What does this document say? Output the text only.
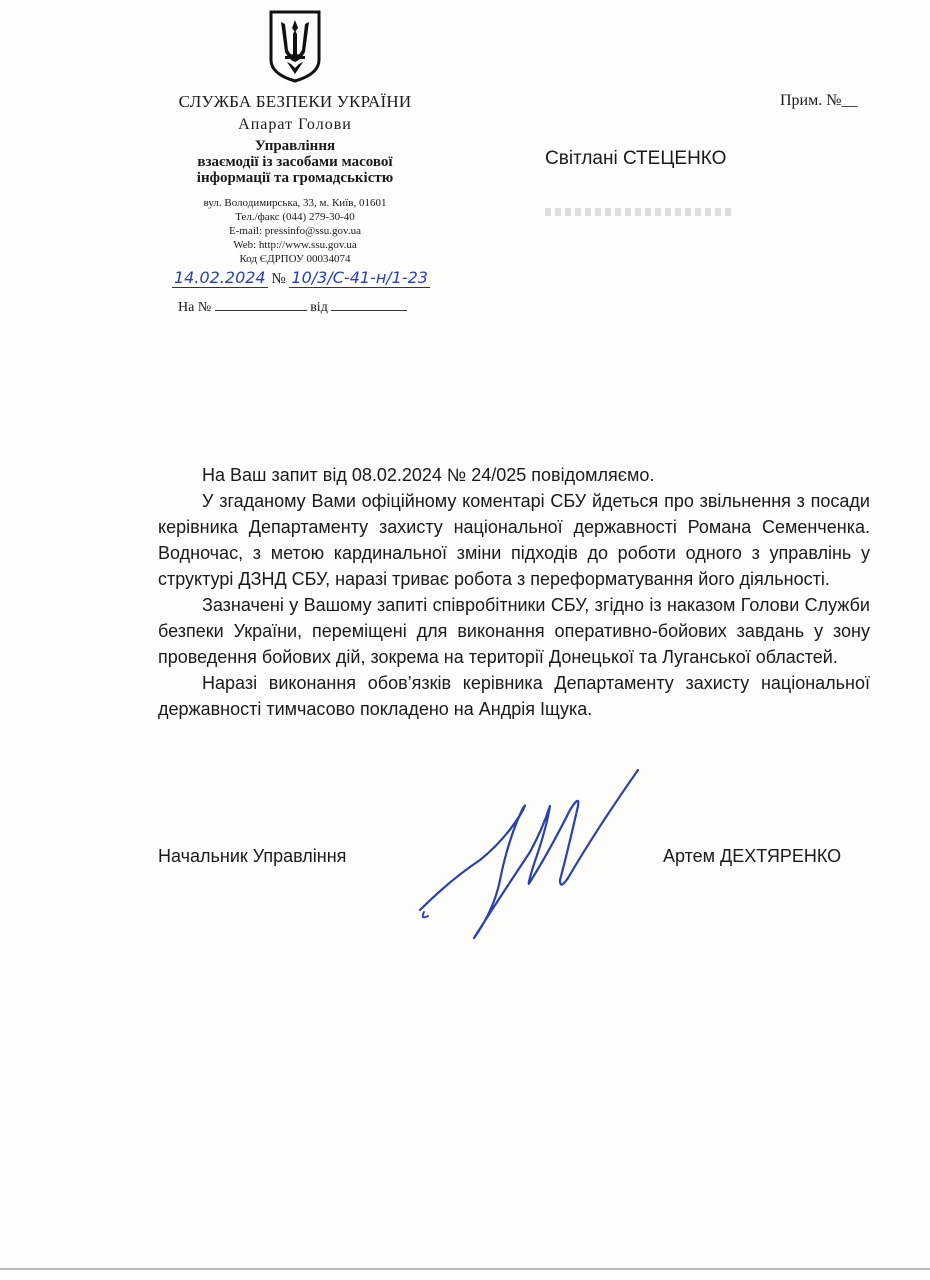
СЛУЖБА БЕЗПЕКИ УКРАЇНИ
Апарат Голови
Управління
взаємодії із засобами масової
інформації та громадськістю
вул. Володимирська, 33, м. Київ, 01601
Тел./факс (044) 279-30-40
E-mail: pressinfo@ssu.gov.ua
Web: http://www.ssu.gov.ua
Код ЄДРПОУ 00034074
14.02.2024 № 10/3/С-41-н/1-23
На №	від
Прим. №__
Світлані СТЕЦЕНКО

На Ваш запит від 08.02.2024 № 24/025 повідомляємо.

У згаданому Вами офіційному коментарі СБУ йдеться про звільнення з посади керівника Департаменту захисту національної державності Романа Семенченка. Водночас, з метою кардинальної зміни підходів до роботи одного з управлінь у структурі ДЗНД СБУ, наразі триває робота з переформатування його діяльності.

Зазначені у Вашому запиті співробітники СБУ, згідно із наказом Голови Служби безпеки України, переміщені для виконання оперативно-бойових завдань у зону проведення бойових дій, зокрема на території Донецької та Луганської областей.

Наразі виконання обов’язків керівника Департаменту захисту національної державності тимчасово покладено на Андрія Іщука.

Начальник Управління	Артем ДЕХТЯРЕНКО
